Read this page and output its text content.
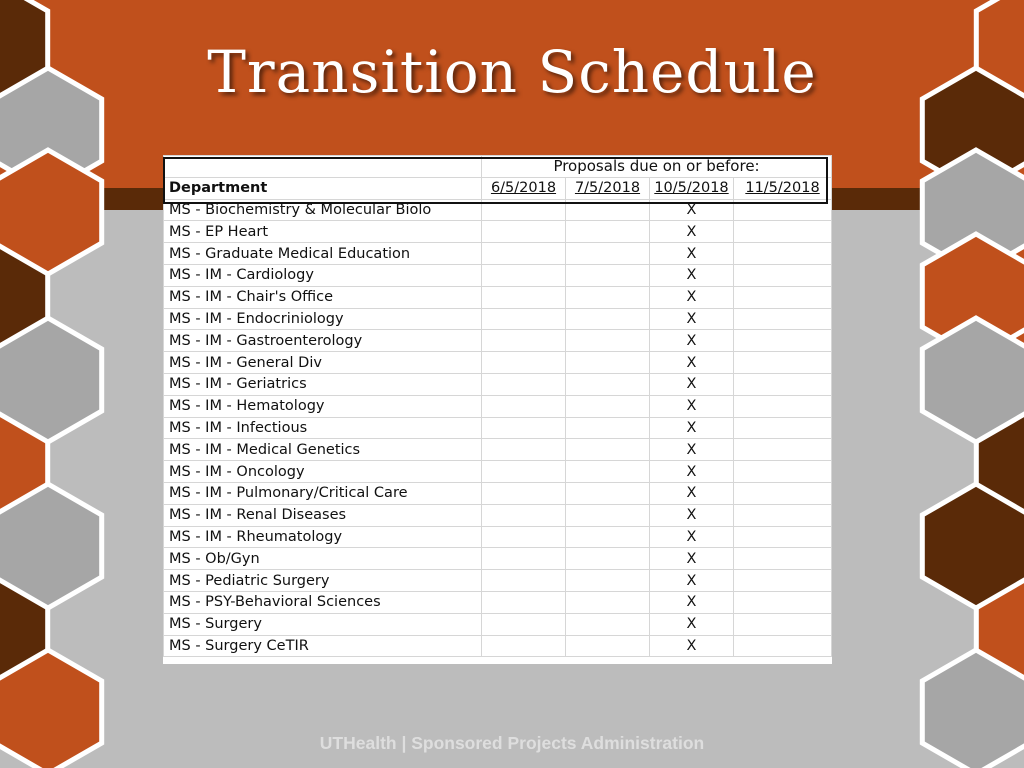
Transition Schedule
	Proposals due on or before:			
Department	6/5/2018	7/5/2018	10/5/2018	11/5/2018
MS - Biochemistry & Molecular Biolo			X	
MS - EP Heart			X	
MS - Graduate Medical Education			X	
MS - IM - Cardiology			X	
MS - IM - Chair's Office			X	
MS - IM - Endocriniology			X	
MS - IM - Gastroenterology			X	
MS - IM - General Div			X	
MS - IM - Geriatrics			X	
MS - IM - Hematology			X	
MS - IM - Infectious			X	
MS - IM - Medical Genetics			X	
MS - IM - Oncology			X	
MS - IM - Pulmonary/Critical Care			X	
MS - IM - Renal Diseases			X	
MS - IM - Rheumatology			X	
MS - Ob/Gyn			X	
MS - Pediatric Surgery			X	
MS - PSY-Behavioral Sciences			X	
MS - Surgery			X	
MS - Surgery CeTIR			X	
UTHealth | Sponsored Projects Administration
